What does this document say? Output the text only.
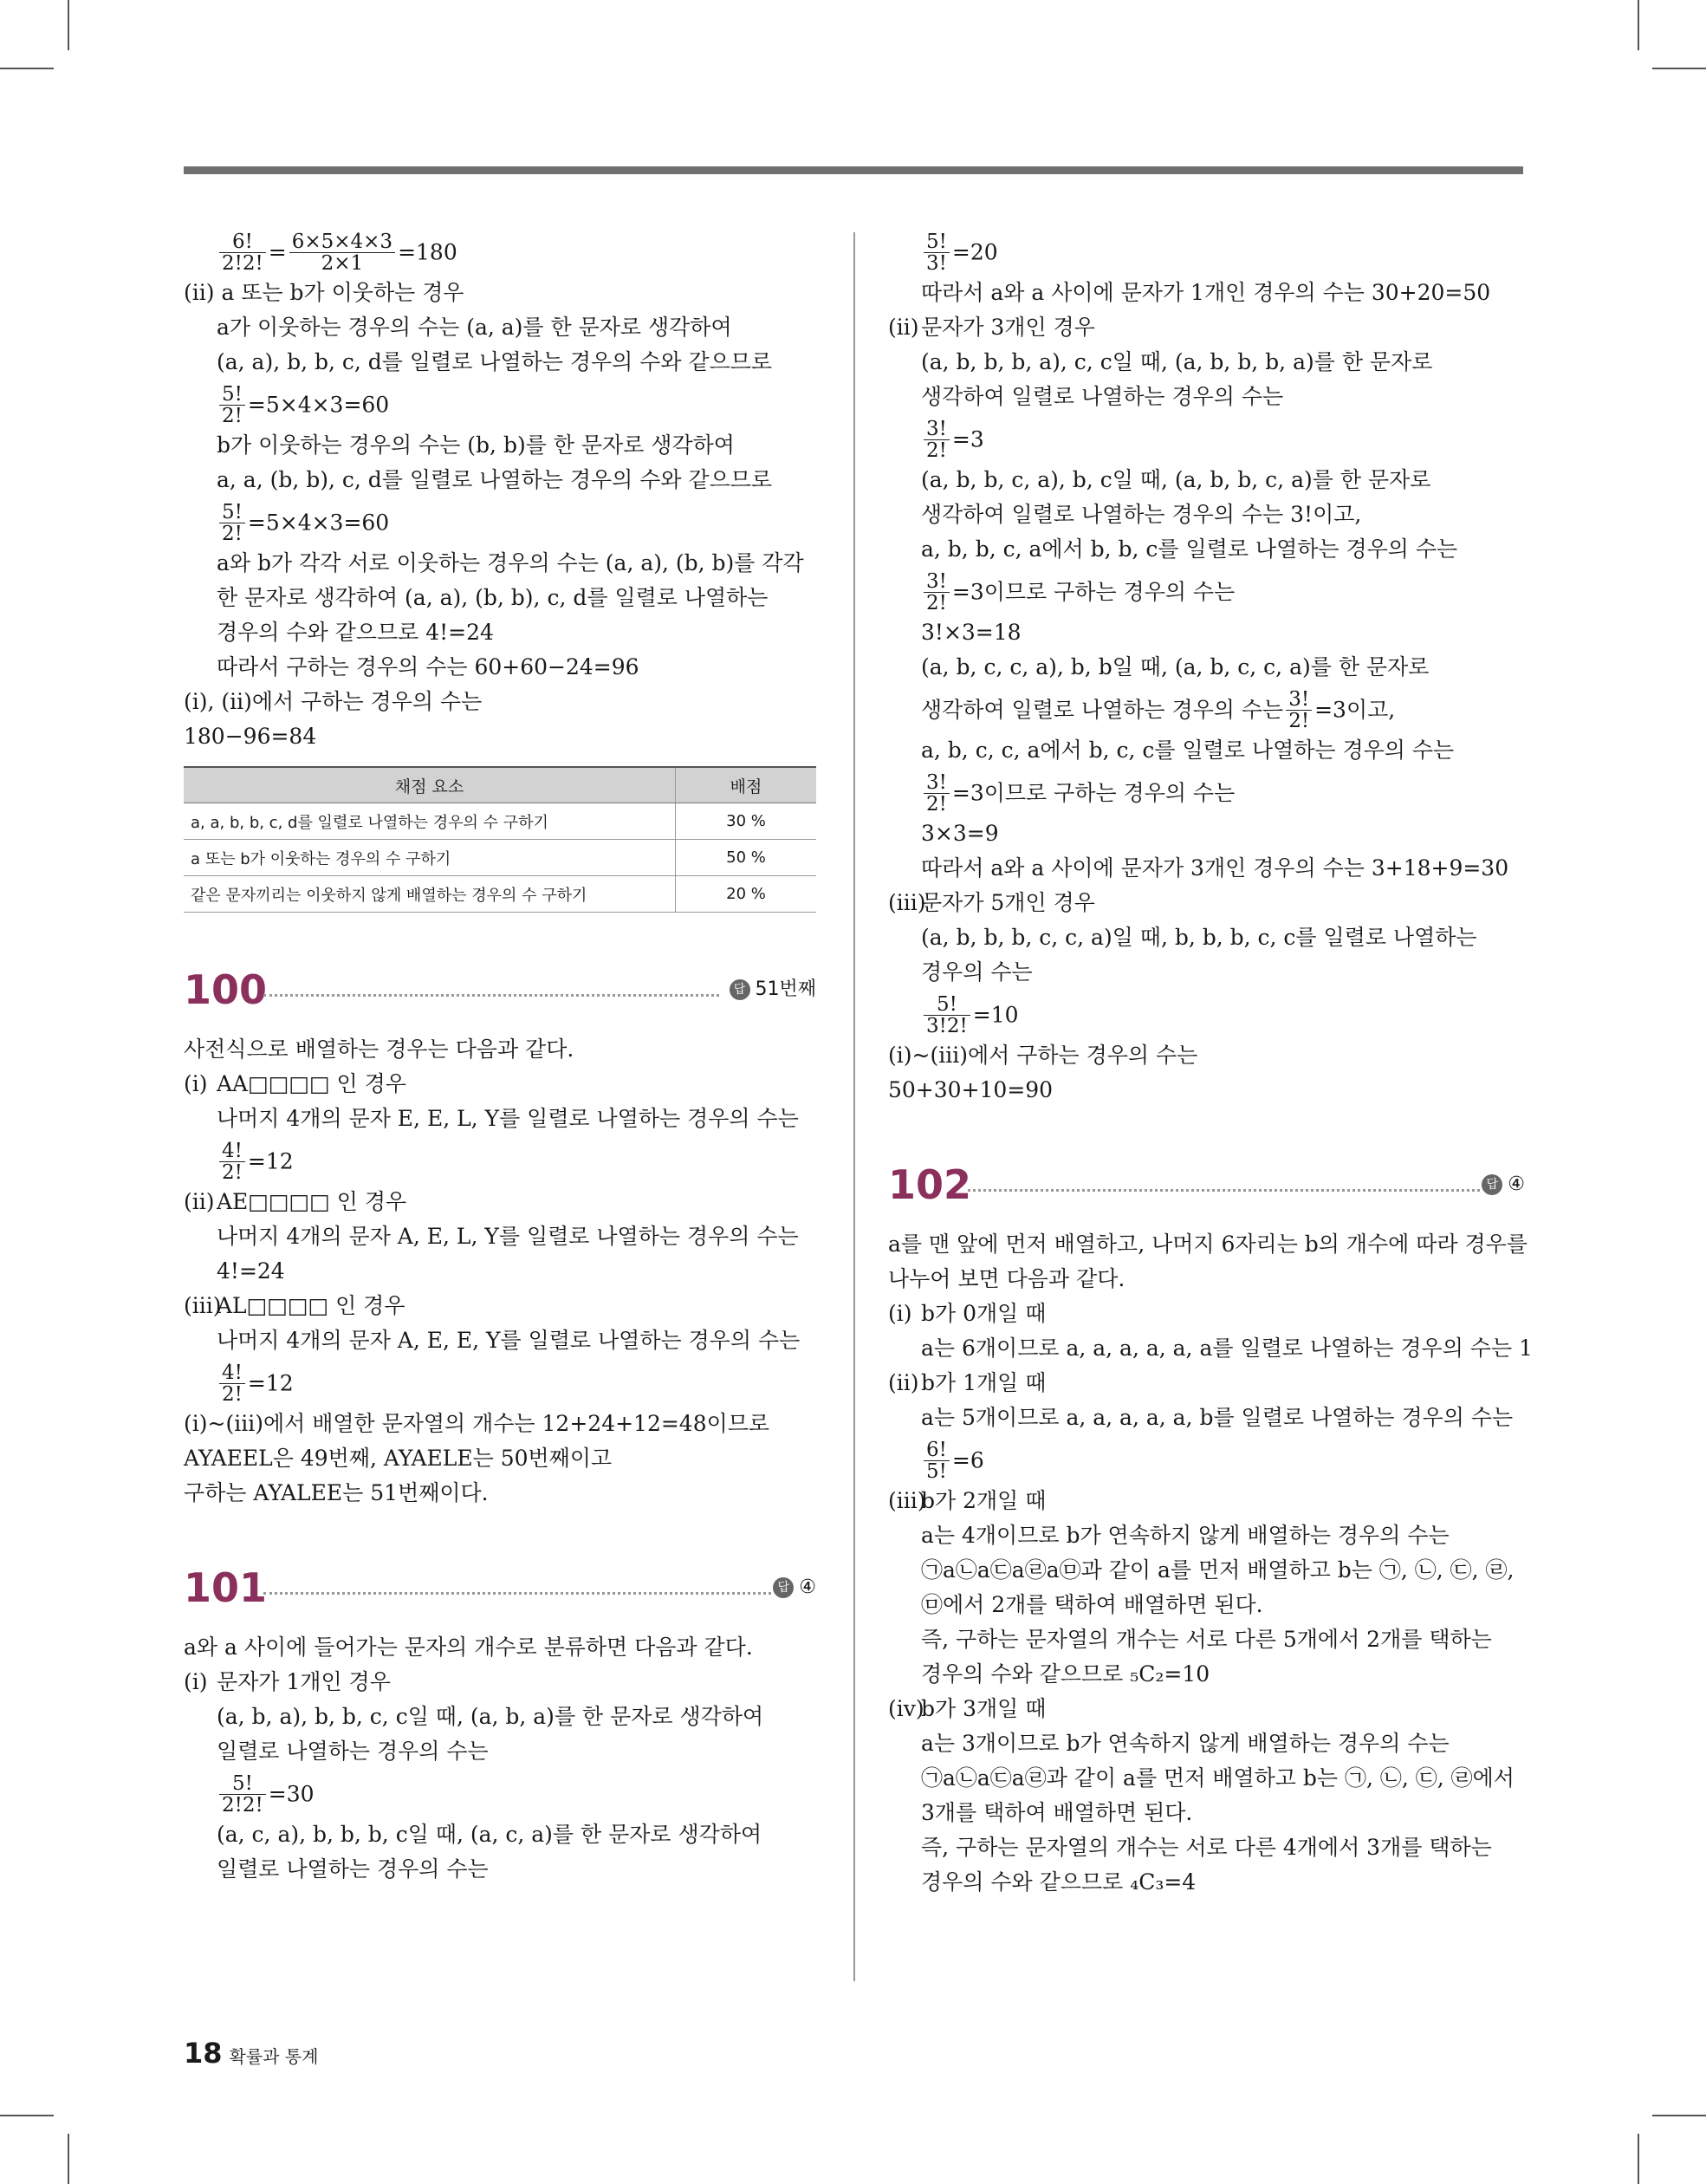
$\frac{6!}{2!2!} = \frac{6\times 5\times 4\times 3}{2\times 1} =180$
(ii) a 또는 b가 이웃하는 경우
a가 이웃하는 경우의 수는 (a, a)를 한 문자로 생각하여
(a, a), b, b, c, d를 일렬로 나열하는 경우의 수와 같으므로
$\frac{5!}{2!} =5\times 4\times 3=60$
b가 이웃하는 경우의 수는 (b, b)를 한 문자로 생각하여
a, a, (b, b), c, d를 일렬로 나열하는 경우의 수와 같으므로
$\frac{5!}{2!} =5\times 4\times 3=60$
a와 b가 각각 서로 이웃하는 경우의 수는 (a, a), (b, b)를 각각
한 문자로 생각하여 (a, a), (b, b), c, d를 일렬로 나열하는
경우의 수와 같으므로 4!=24
따라서 구하는 경우의 수는 60+60−24=96
(i), (ii)에서 구하는 경우의 수는
180−96=84
채점 요소	배점
a, a, b, b, c, d를 일렬로 나열하는 경우의 수 구하기	30 %
a 또는 b가 이웃하는 경우의 수 구하기	50 %
같은 문자끼리는 이웃하지 않게 배열하는 경우의 수 구하기	20 %
100	답 51번째
사전식으로 배열하는 경우는 다음과 같다.
(i) AA□□□□ 인 경우
나머지 4개의 문자 E, E, L, Y를 일렬로 나열하는 경우의 수는
$\frac{4!}{2!} =12$
(ii) AE□□□□ 인 경우
나머지 4개의 문자 A, E, L, Y를 일렬로 나열하는 경우의 수는
4!=24
(iii)AL□□□□ 인 경우
나머지 4개의 문자 A, E, E, Y를 일렬로 나열하는 경우의 수는
$\frac{4!}{2!} =12$
(i)~(iii)에서 배열한 문자열의 개수는 12+24+12=48이므로
AYAEEL은 49번째, AYAELE는 50번째이고
구하는 AYALEE는 51번째이다.
101	답 ④
a와 a 사이에 들어가는 문자의 개수로 분류하면 다음과 같다.
(i) 문자가 1개인 경우
(a, b, a), b, b, c, c일 때, (a, b, a)를 한 문자로 생각하여
일렬로 나열하는 경우의 수는
$\frac{5!}{2!2!} =30$
(a, c, a), b, b, b, c일 때, (a, c, a)를 한 문자로 생각하여
일렬로 나열하는 경우의 수는
$\frac{5!}{3!} =20$
따라서 a와 a 사이에 문자가 1개인 경우의 수는 30+20=50
(ii) 문자가 3개인 경우
(a, b, b, b, a), c, c일 때, (a, b, b, b, a)를 한 문자로
생각하여 일렬로 나열하는 경우의 수는
$\frac{3!}{2!} =3$
(a, b, b, c, a), b, c일 때, (a, b, b, c, a)를 한 문자로
생각하여 일렬로 나열하는 경우의 수는 3!이고,
a, b, b, c, a에서 b, b, c를 일렬로 나열하는 경우의 수는
$\frac{3!}{2!} =3$이므로 구하는 경우의 수는
3!×3=18
(a, b, c, c, a), b, b일 때, (a, b, c, c, a)를 한 문자로
생각하여 일렬로 나열하는 경우의 수는 $\frac{3!}{2!} =3$이고,
a, b, c, c, a에서 b, c, c를 일렬로 나열하는 경우의 수는
$\frac{3!}{2!} =3$이므로 구하는 경우의 수는
3×3=9
따라서 a와 a 사이에 문자가 3개인 경우의 수는 3+18+9=30
(iii)문자가 5개인 경우
(a, b, b, b, c, c, a)일 때, b, b, b, c, c를 일렬로 나열하는
경우의 수는
$\frac{5!}{3!2!} =10$
(i)~(iii)에서 구하는 경우의 수는
50+30+10=90
102	답 ④
a를 맨 앞에 먼저 배열하고, 나머지 6자리는 b의 개수에 따라 경우를
나누어 보면 다음과 같다.
(i) b가 0개일 때
a는 6개이므로 a, a, a, a, a, a를 일렬로 나열하는 경우의 수는 1
(ii) b가 1개일 때
a는 5개이므로 a, a, a, a, a, b를 일렬로 나열하는 경우의 수는
$\frac{6!}{5!} =6$
(iii)b가 2개일 때
a는 4개이므로 b가 연속하지 않게 배열하는 경우의 수는
㉠a㉡a㉢a㉣a㉤과 같이 a를 먼저 배열하고 b는 ㉠, ㉡, ㉢, ㉣,
㉤에서 2개를 택하여 배열하면 된다.
즉, 구하는 문자열의 개수는 서로 다른 5개에서 2개를 택하는
경우의 수와 같으므로 ₅C₂=10
(iv)b가 3개일 때
a는 3개이므로 b가 연속하지 않게 배열하는 경우의 수는
㉠a㉡a㉢a㉣과 같이 a를 먼저 배열하고 b는 ㉠, ㉡, ㉢, ㉣에서
3개를 택하여 배열하면 된다.
즉, 구하는 문자열의 개수는 서로 다른 4개에서 3개를 택하는
경우의 수와 같으므로 ₄C₃=4
18 확률과 통계
